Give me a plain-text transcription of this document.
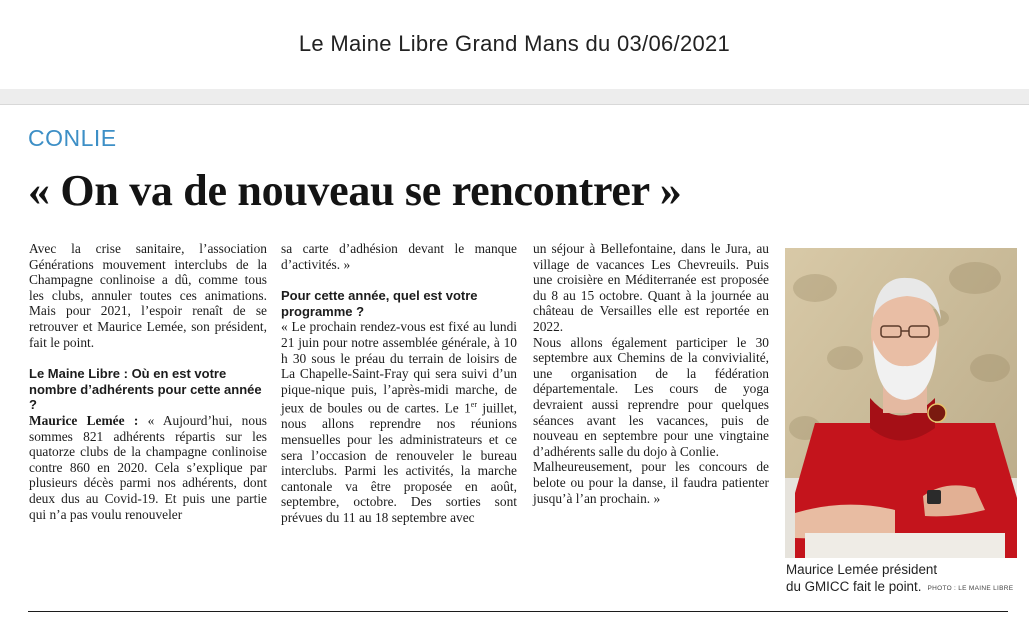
Le Maine Libre Grand Mans du 03/06/2021
CONLIE
« On va de nouveau se rencontrer »

Avec la crise sanitaire, l’association Générations mouvement interclubs de la Champagne conlinoise a dû, comme tous les clubs, annuler toutes ces animations. Mais pour 2021, l’espoir renaît de se retrouver et Maurice Lemée, son président, fait le point.

Le Maine Libre : Où en est votre nombre d’adhérents pour cette année ?

Maurice Lemée : « Aujourd’hui, nous sommes 821 adhérents répartis sur les quatorze clubs de la champagne conlinoise contre 860 en 2020. Cela s’explique par plusieurs décès parmi nos adhérents, dont deux dus au Covid-19. Et puis une partie qui n’a pas voulu renouveler

sa carte d’adhésion devant le manque d’activités. »

Pour cette année, quel est votre programme ?

« Le prochain rendez-vous est fixé au lundi 21 juin pour notre assemblée générale, à 10 h 30 sous le préau du terrain de loisirs de La Chapelle-Saint-Fray qui sera suivi d’un pique-nique puis, l’après-midi marche, de jeux de boules ou de cartes. Le 1er juillet, nous allons reprendre nos réunions mensuelles pour les administrateurs et ce sera l’occasion de renouveler le bureau interclubs. Parmi les activités, la marche cantonale va être proposée en août, septembre, octobre. Des sorties sont prévues du 11 au 18 septembre avec

un séjour à Bellefontaine, dans le Jura, au village de vacances Les Chevreuils. Puis une croisière en Méditerranée est proposée du 8 au 15 octobre. Quant à la journée au château de Versailles elle est reportée en 2022.

Nous allons également participer le 30 septembre aux Chemins de la convivialité, une organisation de la fédération départementale. Les cours de yoga devraient aussi reprendre pour quelques séances avant les vacances, puis de nouveau en septembre pour une vingtaine d’adhérents salle du dojo à Conlie.

Malheureusement, pour les concours de belote ou pour la danse, il faudra patienter jusqu’à l’an prochain. »

Maurice Lemée président
du GMICC fait le point. PHOTO : LE MAINE LIBRE
